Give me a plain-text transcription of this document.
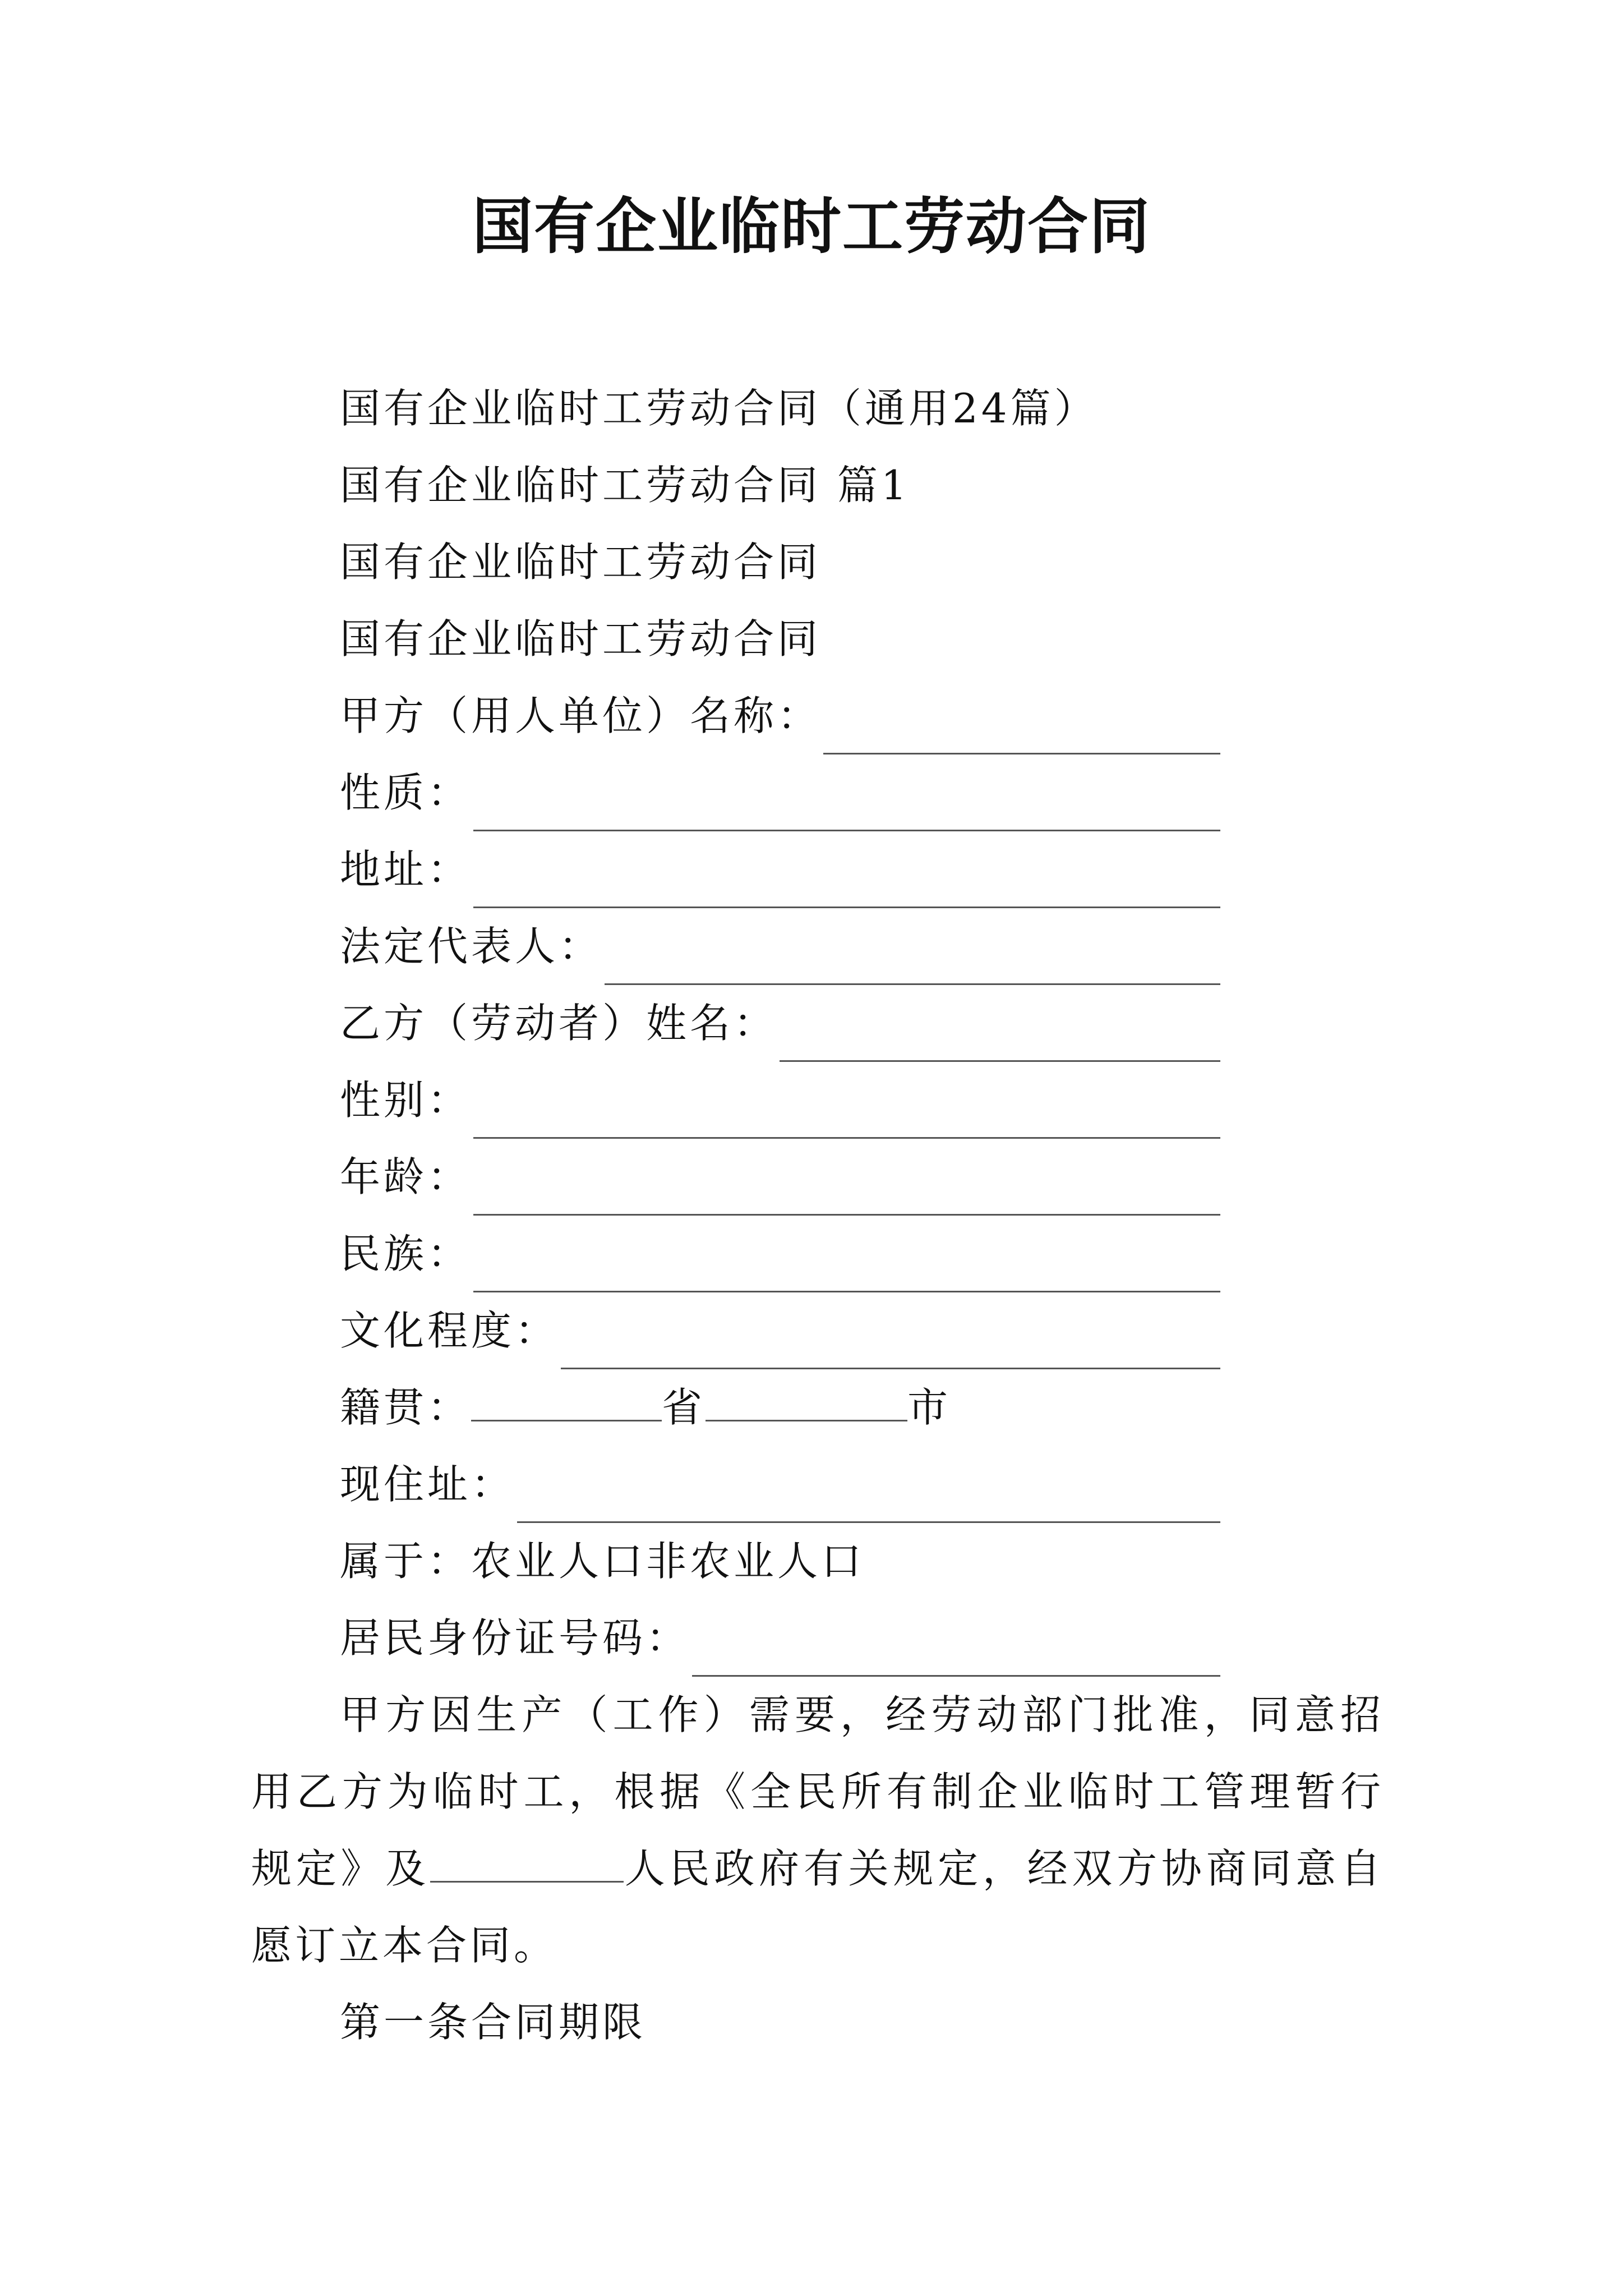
国有企业临时工劳动合同
国有企业临时工劳动合同（通用24篇）
国有企业临时工劳动合同 篇1
国有企业临时工劳动合同
国有企业临时工劳动合同
甲方（用人单位）名称：
性质：
地址：
法定代表人：
乙方（劳动者）姓名：
性别：
年龄：
民族：
文化程度：
籍贯：	省	市
现住址：
属于：农业人口非农业人口
居民身份证号码：

甲方因生产（工作）需要，经劳动部门批准，同意招用乙方为临时工，根据《全民所有制企业临时工管理暂行规定》及	人民政府有关规定，经双方协商同意自愿订立本合同。

第一条合同期限
